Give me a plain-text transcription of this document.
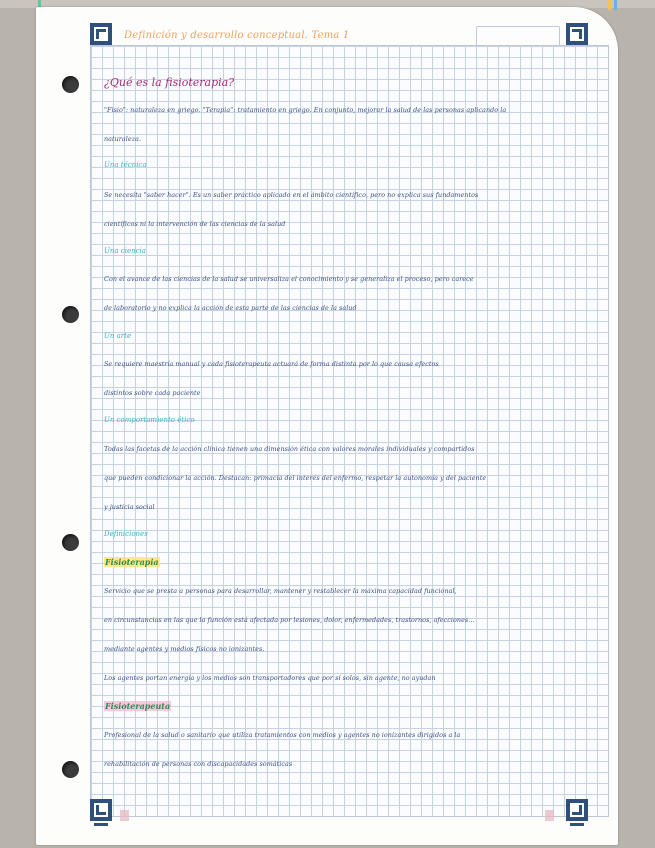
Definición y desarrollo conceptual. Tema 1
¿Qué es la fisioterapia?
"Fisio": naturaleza en griego. "Terapia": tratamiento en griego. En conjunto, mejorar la salud de las personas aplicando la
naturaleza.
Una técnica
Se necesita "saber hacer". Es un saber práctico aplicado en el ámbito científico, pero no explica sus fundamentos
científicos ni la intervención de las ciencias de la salud
Una ciencia
Con el avance de las ciencias de la salud se universaliza el conocimiento y se generaliza el proceso, pero carece
de laboratorio y no explica la acción de esta parte de las ciencias de la salud
Un arte
Se requiere maestría manual y cada fisioterapeuta actuará de forma distinta por lo que causa efectos
distintos sobre cada paciente
Un comportamiento ético
Todas las facetas de la acción clínica tienen una dimensión ética con valores morales individuales y compartidos
que pueden condicionar la acción. Destacan: primacía del interés del enfermo, respetar la autonomía y del paciente
y justicia social
Definiciones
Fisioterapia
Servicio que se presta a personas para desarrollar, mantener y restablecer la máxima capacidad funcional,
en circunstancias en las que la función está afectada por lesiones, dolor, enfermedades, trastornos, afecciones...
mediante agentes y medios físicos no ionizantes.
Los agentes portan energía y los medios son transportadores que por sí solos, sin agente, no ayudan
Fisioterapeuta
Profesional de la salud o sanitario que utiliza tratamientos con medios y agentes no ionizantes dirigidos a la
rehabilitación de personas con discapacidades somáticas
